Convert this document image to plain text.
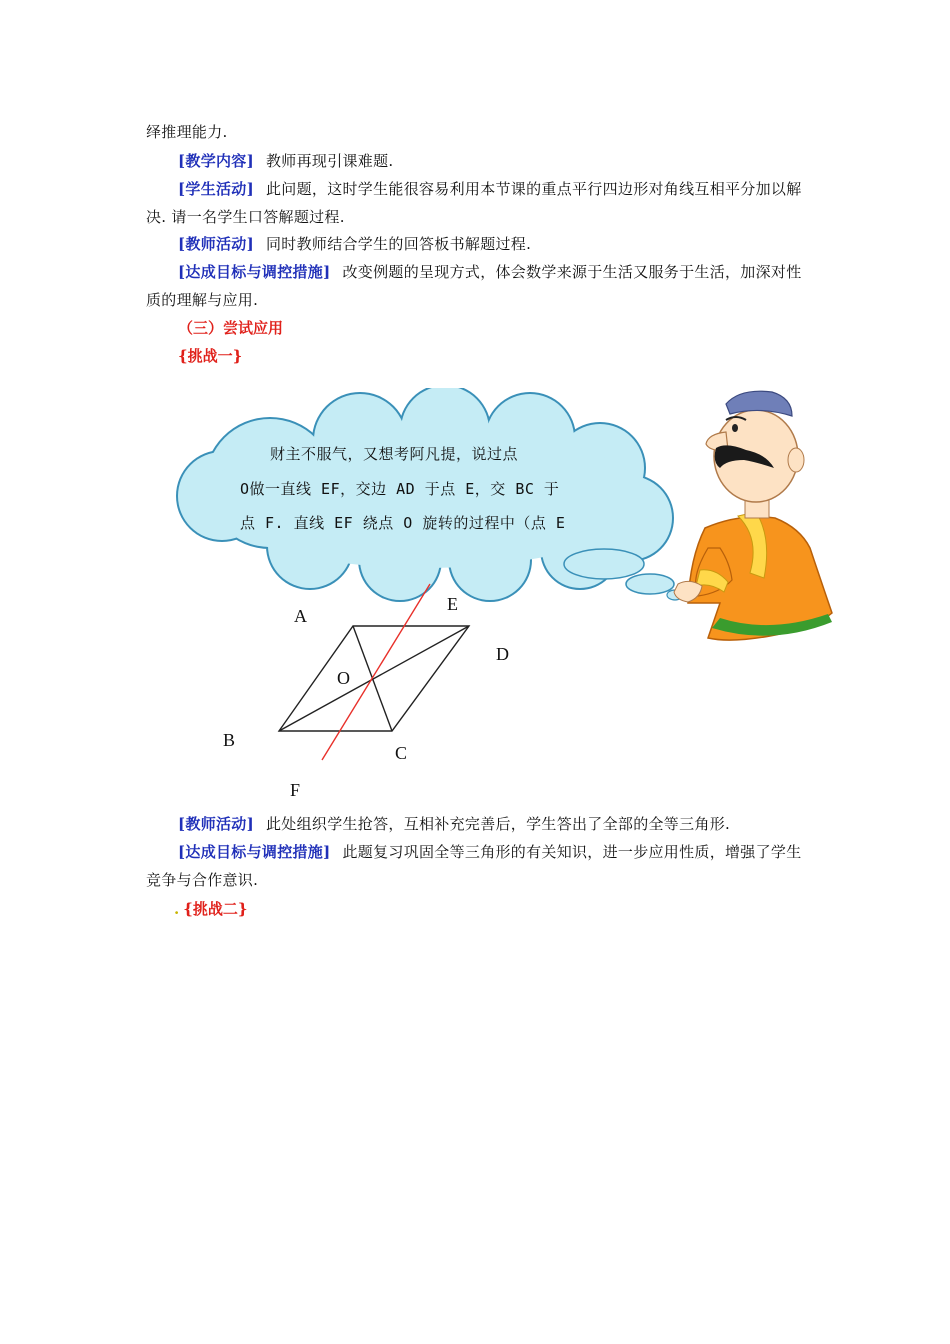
绎推理能力.
[教学内容] 教师再现引课难题.
[学生活动] 此问题，这时学生能很容易利用本节课的重点平行四边形对角线互相平分加以解决. 请一名学生口答解题过程.
[教师活动] 同时教师结合学生的回答板书解题过程.
[达成目标与调控措施] 改变例题的呈现方式，体会数学来源于生活又服务于生活，加深对性质的理解与应用.
（三）尝试应用
{挑战一}
财主不服气，又想考阿凡提，说过点
O做一直线 EF，交边 AD 于点 E，交 BC 于
点 F. 直线 EF 绕点 O 旋转的过程中（点 E
A
E
D
O
B
C
F
[教师活动] 此处组织学生抢答，互相补充完善后，学生答出了全部的全等三角形.
[达成目标与调控措施] 此题复习巩固全等三角形的有关知识，进一步应用性质，增强了学生竞争与合作意识.
. {挑战二}
